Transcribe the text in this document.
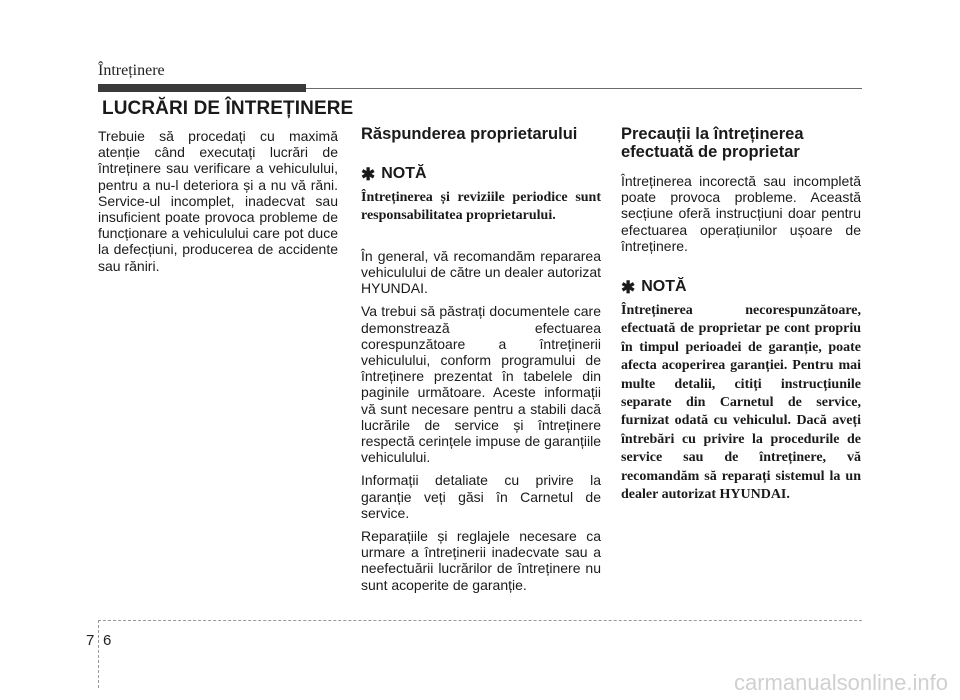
Întreținere
LUCRĂRI DE ÎNTREȚINERE

Trebuie să procedați cu maximă atenție când executați lucrări de întreținere sau verificare a vehiculului, pentru a nu-l deteriora și a nu vă răni. Service-ul incomplet, inadecvat sau insuficient poate provoca probleme de funcționare a vehiculului care pot duce la defecțiuni, producerea de accidente sau răniri.

Răspunderea proprietarului
✱ NOTĂ

Întreținerea și reviziile periodice sunt responsabilitatea proprietarului.

În general, vă recomandăm repararea vehiculului de către un dealer autorizat HYUNDAI.

Va trebui să păstrați documentele care demonstrează efectuarea corespunzătoare a întreținerii vehiculului, conform programului de întreținere prezentat în tabelele din paginile următoare. Aceste informații vă sunt necesare pentru a stabili dacă lucrările de service și întreținere respectă cerințele impuse de garanțiile vehiculului.

Informații detaliate cu privire la garanție veți găsi în Carnetul de service.

Reparațiile și reglajele necesare ca urmare a întreținerii inadecvate sau a neefectuării lucrărilor de întreținere nu sunt acoperite de garanție.

Precauții la întreținerea
efectuată de proprietar

Întreținerea incorectă sau incompletă poate provoca probleme. Această secțiune oferă instrucțiuni doar pentru efectuarea operațiunilor ușoare de întreținere.

✱ NOTĂ

Întreținerea necorespunzătoare, efectuată de proprietar pe cont propriu în timpul perioadei de garanție, poate afecta acoperirea garanției. Pentru mai multe detalii, citiți instrucțiunile separate din Carnetul de service, furnizat odată cu vehiculul. Dacă aveți întrebări cu privire la procedurile de service sau de întreținere, vă recomandăm să reparați sistemul la un dealer autorizat HYUNDAI.

7 6
carmanualsonline.info
